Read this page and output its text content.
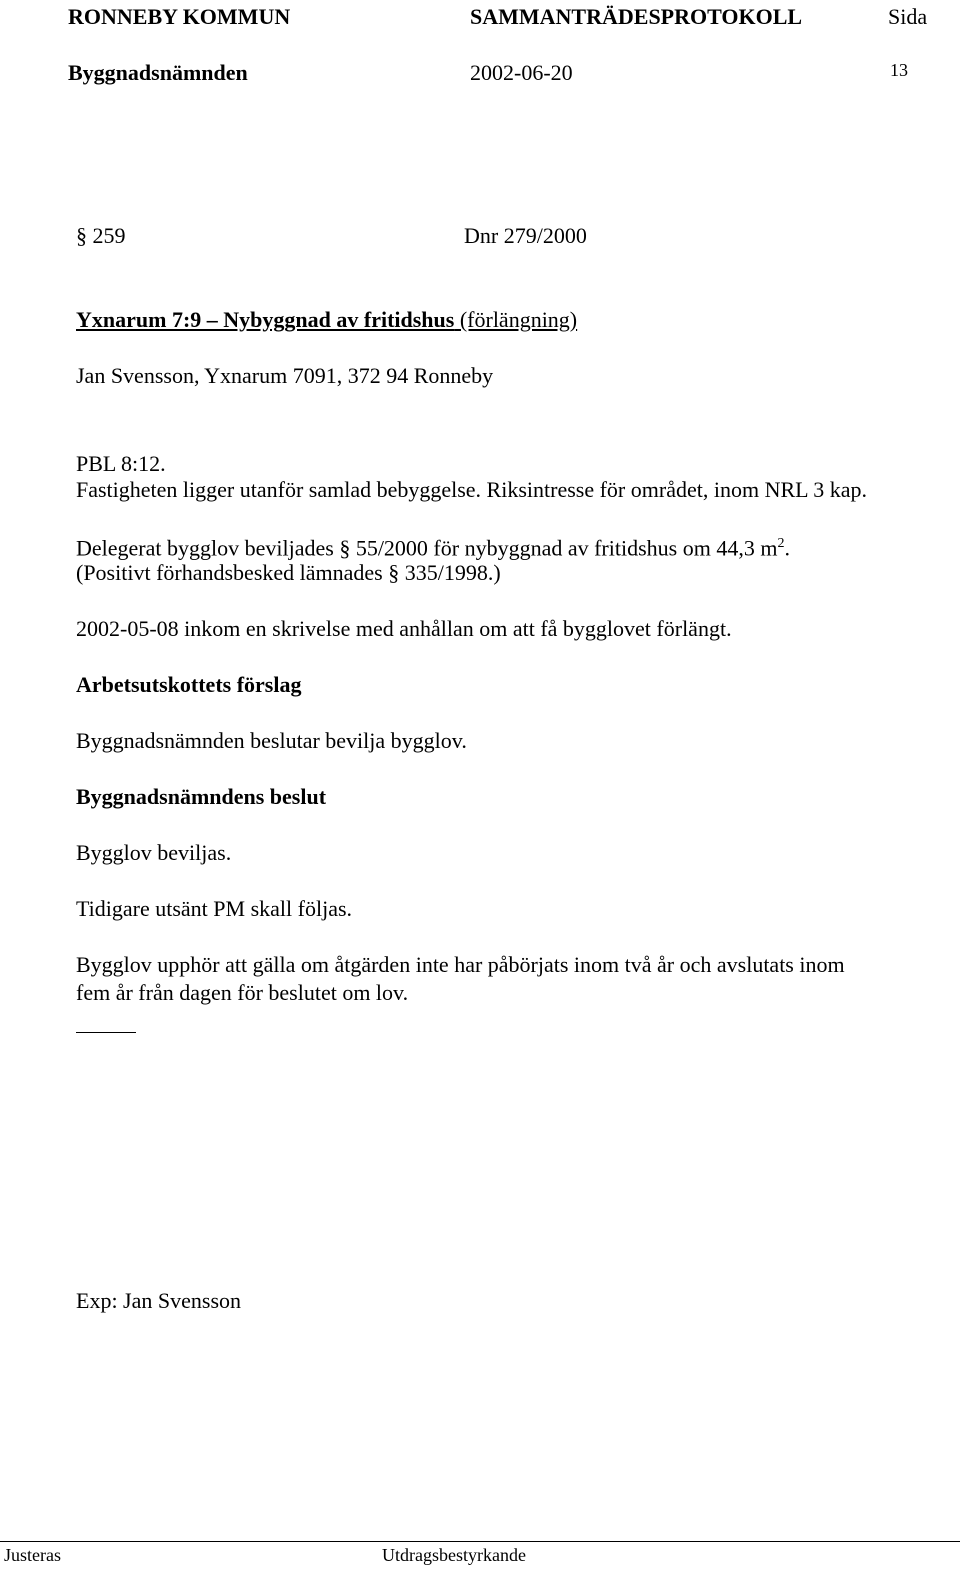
RONNEBY KOMMUN	SAMMANTRÄDESPROTOKOLL	Sida
Byggnadsnämnden	2002-06-20	13
§ 259	Dnr 279/2000
Yxnarum 7:9 – Nybyggnad av fritidshus (förlängning)
Jan Svensson, Yxnarum 7091, 372 94 Ronneby
PBL 8:12.
Fastigheten ligger utanför samlad bebyggelse. Riksintresse för området, inom NRL 3 kap.
Delegerat bygglov beviljades § 55/2000 för nybyggnad av fritidshus om 44,3 $m^2$.
(Positivt förhandsbesked lämnades § 335/1998.)
2002-05-08 inkom en skrivelse med anhållan om att få bygglovet förlängt.
Arbetsutskottets förslag
Byggnadsnämnden beslutar bevilja bygglov.
Byggnadsnämndens beslut
Bygglov beviljas.
Tidigare utsänt PM skall följas.
Bygglov upphör att gälla om åtgärden inte har påbörjats inom två år och avslutats inom
fem år från dagen för beslutet om lov.
Exp: Jan Svensson
Justeras	Utdragsbestyrkande
